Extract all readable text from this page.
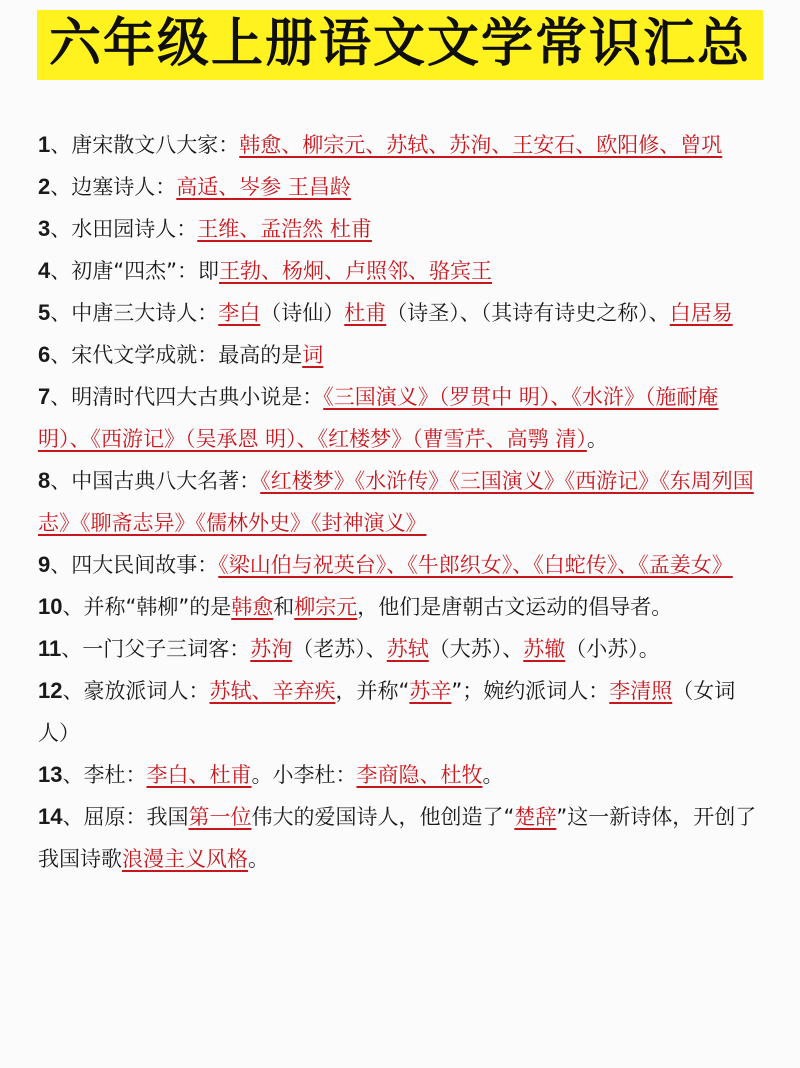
六年级上册语文文学常识汇总
1、唐宋散文八大家：韩愈、柳宗元、苏轼、苏洵、王安石、欧阳修、曾巩
2、边塞诗人：高适、岑参 王昌龄
3、水田园诗人：王维、孟浩然 杜甫
4、初唐“四杰”：即王勃、杨炯、卢照邻、骆宾王
5、中唐三大诗人：李白（诗仙）杜甫（诗圣）、（其诗有诗史之称）、白居易
6、宋代文学成就：最高的是词
7、明清时代四大古典小说是：《三国演义》（罗贯中 明）、《水浒》（施耐庵 明）、《西游记》（吴承恩 明）、《红楼梦》（曹雪芹、高鹗 清）。
8、中国古典八大名著：《红楼梦》《水浒传》《三国演义》《西游记》《东周列国志》《聊斋志异》《儒林外史》《封神演义》
9、四大民间故事：《梁山伯与祝英台》、《牛郎织女》、《白蛇传》、《孟姜女》
10、并称“韩柳”的是韩愈和柳宗元，他们是唐朝古文运动的倡导者。
11、一门父子三词客：苏洵（老苏）、苏轼（大苏）、苏辙（小苏）。
12、豪放派词人：苏轼、辛弃疾，并称“苏辛”；婉约派词人：李清照（女词人）
13、李杜：李白、杜甫。小李杜：李商隐、杜牧。
14、屈原：我国第一位伟大的爱国诗人，他创造了“楚辞”这一新诗体，开创了我国诗歌浪漫主义风格。
